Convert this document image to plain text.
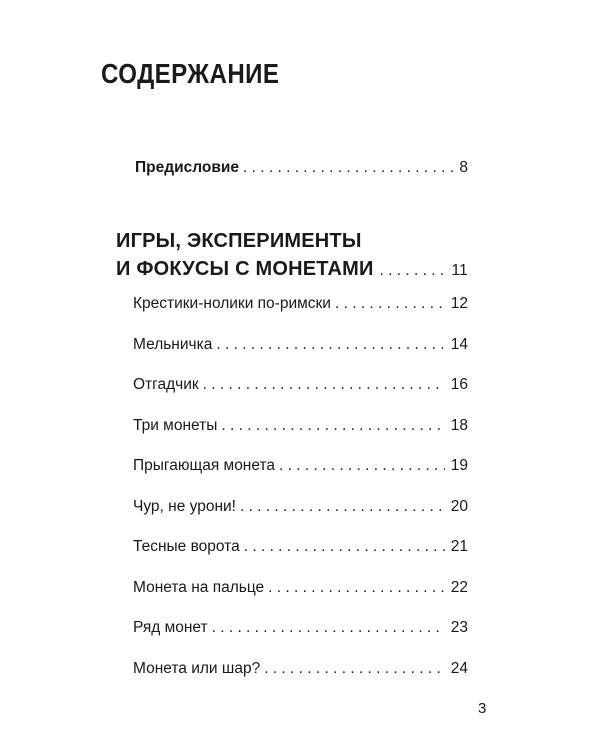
СОДЕРЖАНИЕ
Предисловие . . .	8
ИГРЫ, ЭКСПЕРИМЕНТЫ
И ФОКУСЫ С МОНЕТАМИ . . .	11
Крестики-нолики по-римски . . .	12
Мельничка . . .	14
Отгадчик . . .	16
Три монеты . . .	18
Прыгающая монета . . .	19
Чур, не урони! . . .	20
Тесные ворота . . .	21
Монета на пальце . . .	22
Ряд монет . . .	23
Монета или шар? . . .	24
3
